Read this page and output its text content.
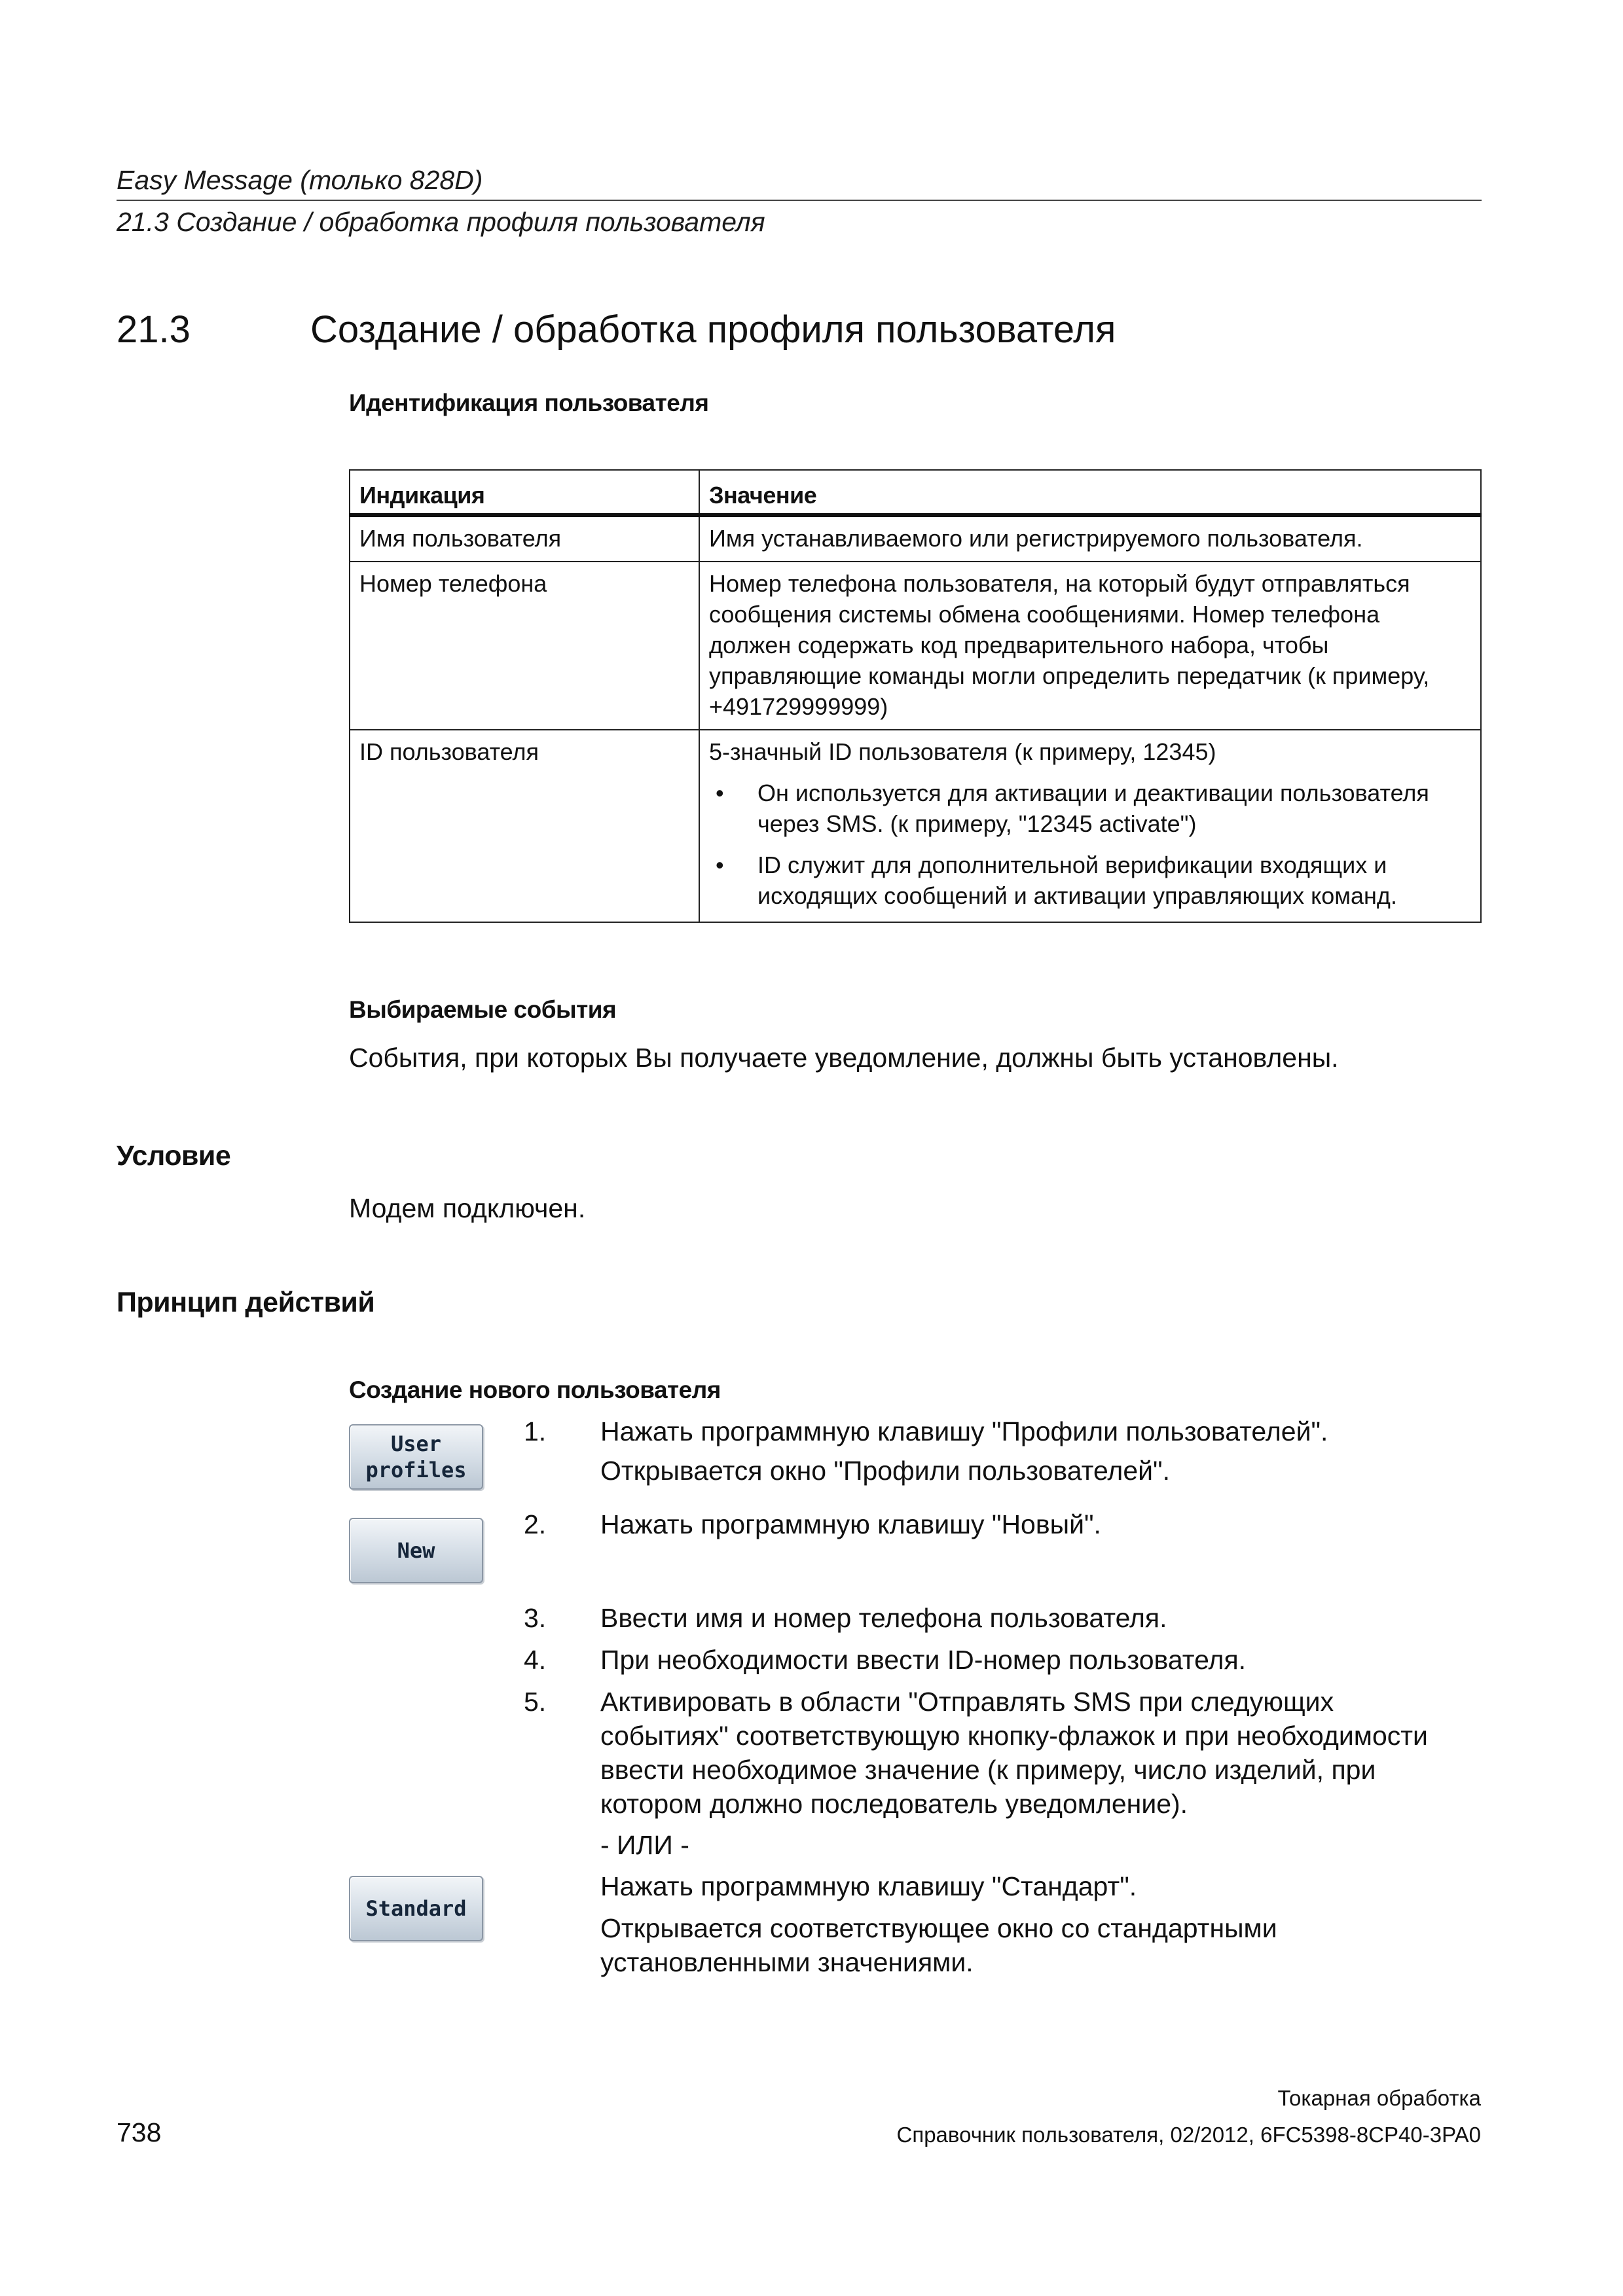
Easy Message (только 828D)
21.3 Создание / обработка профиля пользователя
21.3	Создание / обработка профиля пользователя
Идентификация пользователя
Индикация	Значение
Имя пользователя	Имя устанавливаемого или регистрируемого пользователя.
Номер телефона	Номер телефона пользователя, на который будут отправляться сообщения системы обмена сообщениями. Номер телефона должен содержать код предварительного набора, чтобы управляющие команды могли определить передатчик (к примеру, +491729999999)
ID пользователя	5-значный ID пользователя (к примеру, 12345)
• Он используется для активации и деактивации пользователя через SMS. (к примеру, "12345 activate")
• ID служит для дополнительной верификации входящих и исходящих сообщений и активации управляющих команд.
Выбираемые события
События, при которых Вы получаете уведомление, должны быть установлены.
Условие
Модем подключен.
Принцип действий
Создание нового пользователя
User
profiles
New
Standard
1. Нажать программную клавишу "Профили пользователей".
Открывается окно "Профили пользователей".
2. Нажать программную клавишу "Новый".
3. Ввести имя и номер телефона пользователя.
4. При необходимости ввести ID-номер пользователя.
5. Активировать в области "Отправлять SMS при следующих
событиях" соответствующую кнопку-флажок и при необходимости
ввести необходимое значение (к примеру, число изделий, при
котором должно последователь уведомление).
- ИЛИ -
Нажать программную клавишу "Стандарт".
Открывается соответствующее окно со стандартными
установленными значениями.
Токарная обработка
738	Справочник пользователя, 02/2012, 6FC5398-8CP40-3PA0
